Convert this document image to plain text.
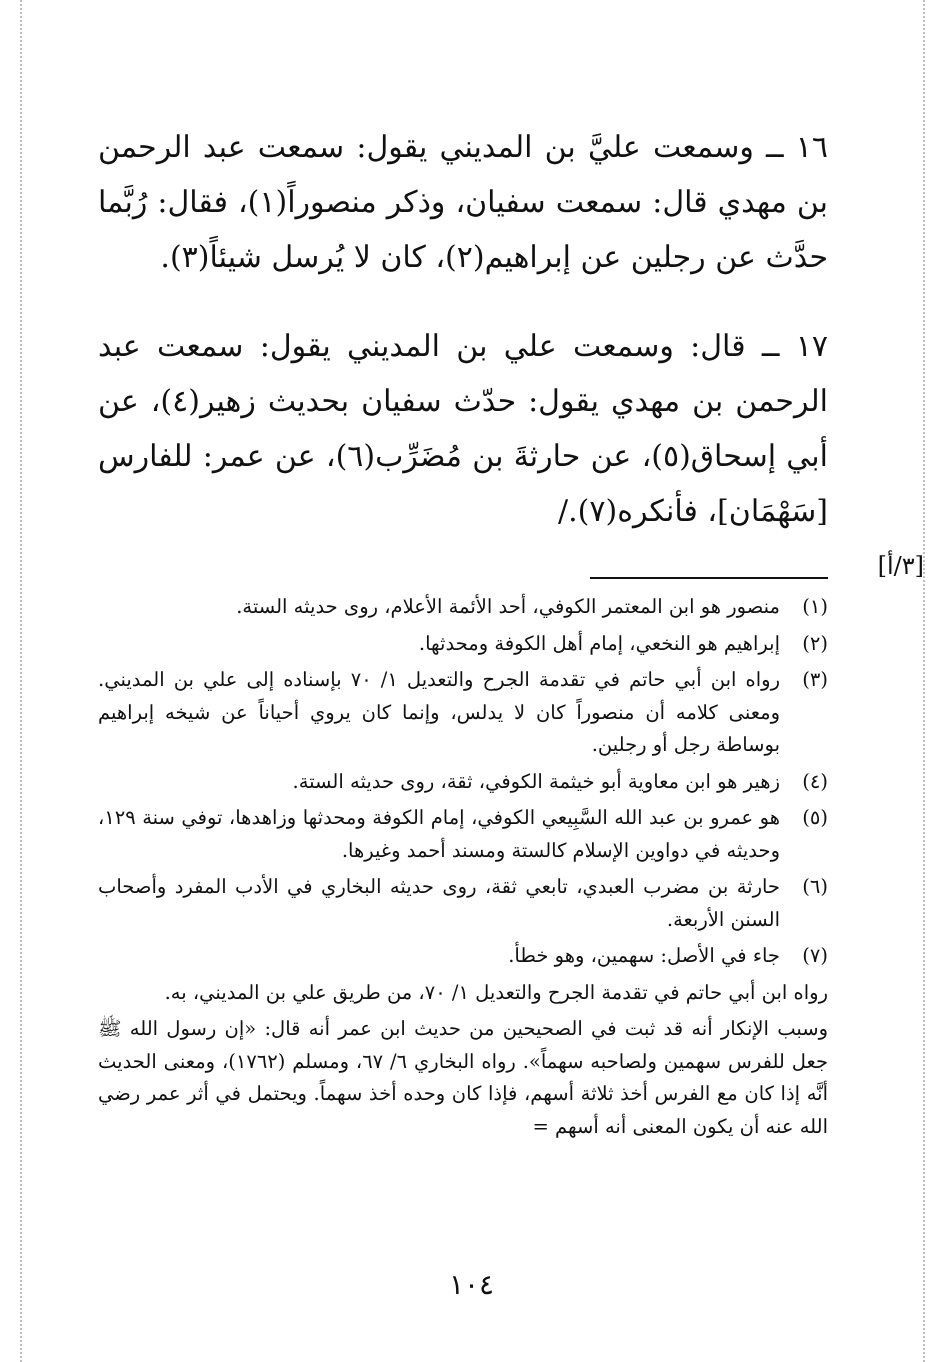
١٦ ــ وسمعت عليَّ بن المديني يقول: سمعت عبد الرحمن بن مهدي قال: سمعت سفيان، وذكر منصوراً(١)، فقال: رُبَّما حدَّث عن رجلين عن إبراهيم(٢)، كان لا يُرسل شيئاً(٣).

١٧ ــ قال: وسمعت علي بن المديني يقول: سمعت عبد الرحمن بن مهدي يقول: حدّث سفيان بحديث زهير(٤)، عن أبي إسحاق(٥)، عن حارثةَ بن مُضَرِّب(٦)، عن عمر: للفارس [سَهْمَان]، فأنكره(٧)./

[٣/أ]
(١)
منصور هو ابن المعتمر الكوفي، أحد الأئمة الأعلام، روى حديثه الستة.
(٢)
إبراهيم هو النخعي، إمام أهل الكوفة ومحدثها.
(٣)
رواه ابن أبي حاتم في تقدمة الجرح والتعديل ١/ ٧٠ بإسناده إلى علي بن المديني. ومعنى كلامه أن منصوراً كان لا يدلس، وإنما كان يروي أحياناً عن شيخه إبراهيم بوساطة رجل أو رجلين.
(٤)
زهير هو ابن معاوية أبو خيثمة الكوفي، ثقة، روى حديثه الستة.
(٥)
هو عمرو بن عبد الله السَّبِيعي الكوفي، إمام الكوفة ومحدثها وزاهدها، توفي سنة ١٢٩، وحديثه في دواوين الإسلام كالستة ومسند أحمد وغيرها.
(٦)
حارثة بن مضرب العبدي، تابعي ثقة، روى حديثه البخاري في الأدب المفرد وأصحاب السنن الأربعة.
(٧)
جاء في الأصل: سهمين، وهو خطأ.
رواه ابن أبي حاتم في تقدمة الجرح والتعديل ١/ ٧٠، من طريق علي بن المديني، به.
وسبب الإنكار أنه قد ثبت في الصحيحين من حديث ابن عمر أنه قال: «إن رسول الله ﷺ جعل للفرس سهمين ولصاحبه سهماً». رواه البخاري ٦/ ٦٧، ومسلم (١٧٦٢)، ومعنى الحديث أنَّه إذا كان مع الفرس أخذ ثلاثة أسهم، فإذا كان وحده أخذ سهماً. ويحتمل في أثر عمر رضي الله عنه أن يكون المعنى أنه أسهم =
١٠٤
